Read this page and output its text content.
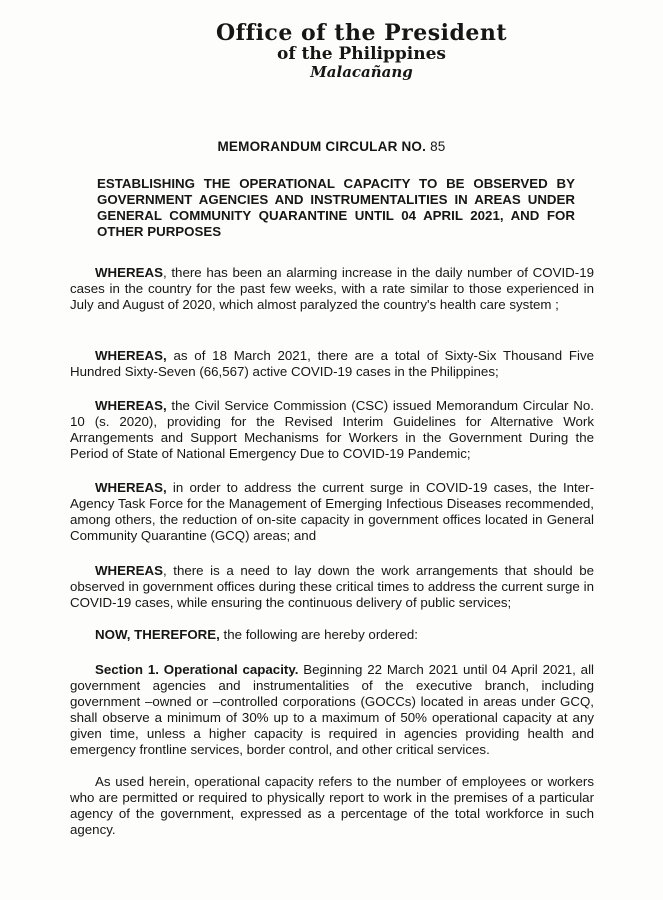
Office of the President
of the Philippines
Malacañang
MEMORANDUM CIRCULAR NO. 85
ESTABLISHING THE OPERATIONAL CAPACITY TO BE OBSERVED BY GOVERNMENT AGENCIES AND INSTRUMENTALITIES IN AREAS UNDER GENERAL COMMUNITY QUARANTINE UNTIL 04 APRIL 2021, AND FOR OTHER PURPOSES
WHEREAS, there has been an alarming increase in the daily number of COVID-19 cases in the country for the past few weeks, with a rate similar to those experienced in July and August of 2020, which almost paralyzed the country's health care system ;
WHEREAS, as of 18 March 2021, there are a total of Sixty-Six Thousand Five Hundred Sixty-Seven (66,567) active COVID-19 cases in the Philippines;
WHEREAS, the Civil Service Commission (CSC) issued Memorandum Circular No. 10 (s. 2020), providing for the Revised Interim Guidelines for Alternative Work Arrangements and Support Mechanisms for Workers in the Government During the Period of State of National Emergency Due to COVID-19 Pandemic;
WHEREAS, in order to address the current surge in COVID-19 cases, the Inter-Agency Task Force for the Management of Emerging Infectious Diseases recommended, among others, the reduction of on-site capacity in government offices located in General Community Quarantine (GCQ) areas; and
WHEREAS, there is a need to lay down the work arrangements that should be observed in government offices during these critical times to address the current surge in COVID-19 cases, while ensuring the continuous delivery of public services;
NOW, THEREFORE, the following are hereby ordered:
Section 1. Operational capacity. Beginning 22 March 2021 until 04 April 2021, all government agencies and instrumentalities of the executive branch, including government –owned or –controlled corporations (GOCCs) located in areas under GCQ, shall observe a minimum of 30% up to a maximum of 50% operational capacity at any given time, unless a higher capacity is required in agencies providing health and emergency frontline services, border control, and other critical services.
As used herein, operational capacity refers to the number of employees or workers who are permitted or required to physically report to work in the premises of a particular agency of the government, expressed as a percentage of the total workforce in such agency.
